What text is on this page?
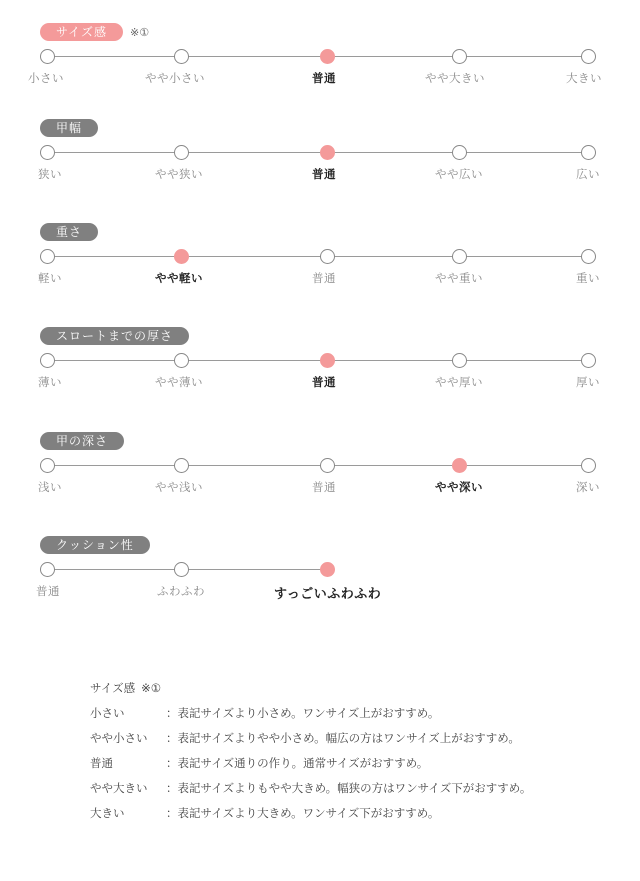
サイズ感	※①
小さい	やや小さい	普通	やや大きい	大きい
甲幅
狭い	やや狭い	普通	やや広い	広い
重さ
軽い	やや軽い	普通	やや重い	重い
スロートまでの厚さ
薄い	やや薄い	普通	やや厚い	厚い
甲の深さ
浅い	やや浅い	普通	やや深い	深い
クッション性
普通	ふわふわ	すっごいふわふわ
サイズ感 ※①
小さい	：表記サイズより小さめ。ワンサイズ上がおすすめ。
やや小さい	：表記サイズよりやや小さめ。幅広の方はワンサイズ上がおすすめ。
普通	：表記サイズ通りの作り。通常サイズがおすすめ。
やや大きい	：表記サイズよりもやや大きめ。幅狭の方はワンサイズ下がおすすめ。
大きい	：表記サイズより大きめ。ワンサイズ下がおすすめ。
